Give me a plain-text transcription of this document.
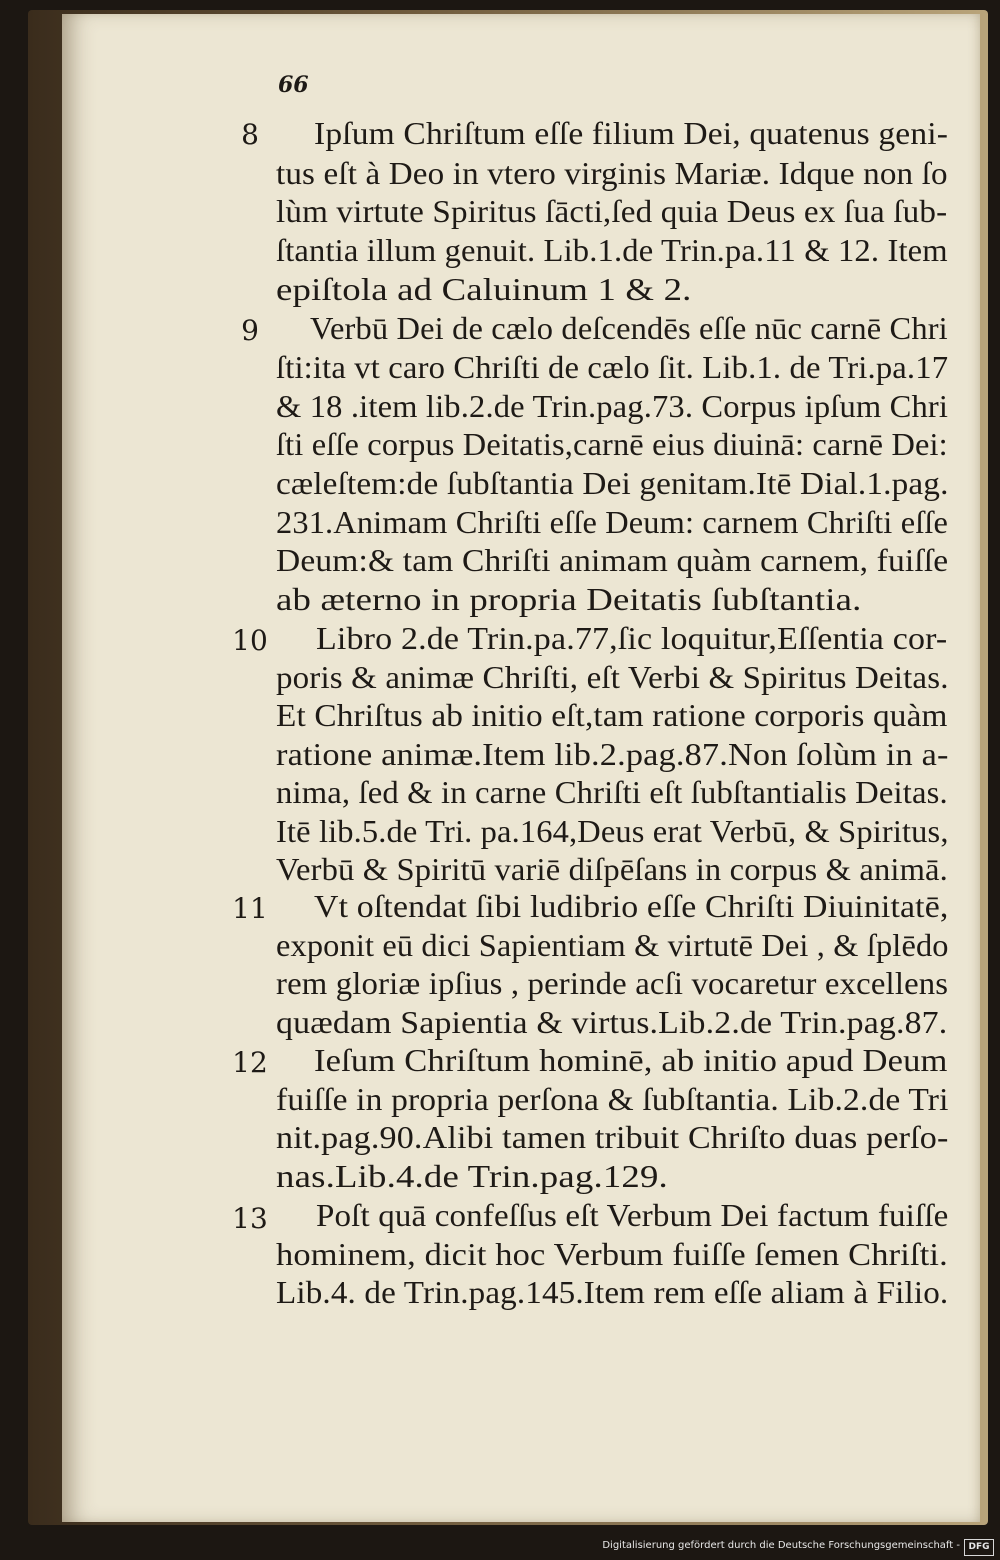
66
8	Ipſum Chriſtum eſſe filium Dei, quatenus geni-
tus eſt à Deo in vtero virginis Mariæ. Idque non ſo
lùm virtute Spiritus ſācti,ſed quia Deus ex ſua ſub-
ſtantia illum genuit. Lib.1.de Trin.pa.11 & 12. Item
epiſtola ad Caluinum 1 & 2.
9	Verbū Dei de cælo deſcendēs eſſe nūc carnē Chri
ſti:ita vt caro Chriſti de cælo ſit. Lib.1. de Tri.pa.17
& 18 .item lib.2.de Trin.pag.73. Corpus ipſum Chri
ſti eſſe corpus Deitatis,carnē eius diuinā: carnē Dei:
cæleſtem:de ſubſtantia Dei genitam.Itē Dial.1.pag.
231.Animam Chriſti eſſe Deum: carnem Chriſti eſſe
Deum:& tam Chriſti animam quàm carnem, fuiſſe
ab æterno in propria Deitatis ſubſtantia.
10 Libro 2.de Trin.pa.77,ſic loquitur,Eſſentia cor-
poris & animæ Chriſti, eſt Verbi & Spiritus Deitas.
Et Chriſtus ab initio eſt,tam ratione corporis quàm
ratione animæ.Item lib.2.pag.87.Non ſolùm in a-
nima, ſed & in carne Chriſti eſt ſubſtantialis Deitas.
Itē lib.5.de Tri. pa.164,Deus erat Verbū, & Spiritus,
Verbū & Spiritū variē diſpēſans in corpus & animā.
11 Vt oſtendat ſibi ludibrio eſſe Chriſti Diuinitatē,
exponit eū dici Sapientiam & virtutē Dei , & ſplēdo
rem gloriæ ipſius , perinde acſi vocaretur excellens
quædam Sapientia & virtus.Lib.2.de Trin.pag.87.
12 Ieſum Chriſtum hominē, ab initio apud Deum
fuiſſe in propria perſona & ſubſtantia. Lib.2.de Tri
nit.pag.90.Alibi tamen tribuit Chriſto duas perſo-
nas.Lib.4.de Trin.pag.129.
13 Poſt quā confeſſus eſt Verbum Dei factum fuiſſe
hominem, dicit hoc Verbum fuiſſe ſemen Chriſti.
Lib.4. de Trin.pag.145.Item rem eſſe aliam à Filio.
Digitalisierung gefördert durch die Deutsche Forschungsgemeinschaft - DFG
